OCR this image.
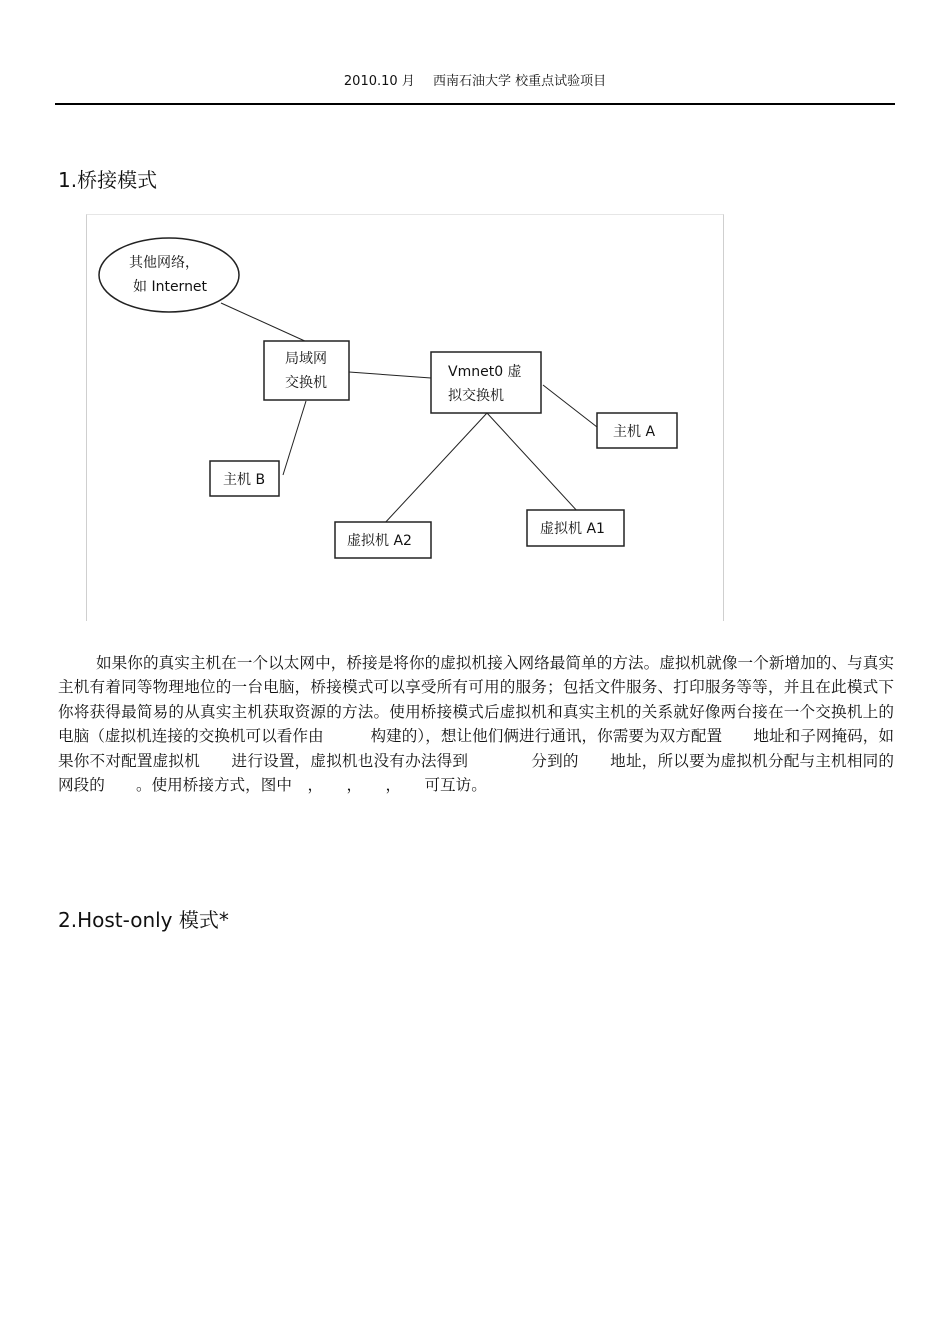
2010.10 月 西南石油大学 校重点试验项目
1.桥接模式
其他网络，
如 Internet
局域网
交换机
Vmnet0 虚
拟交换机
主机 A
主机 B
虚拟机 A2
虚拟机 A1
如果你的真实主机在一个以太网中，桥接是将你的虚拟机接入网络最简单的方法。虚拟机就像一个新增加的、与真实主机有着同等物理地位的一台电脑，桥接模式可以享受所有可用的服务；包括文件服务、打印服务等等，并且在此模式下你将获得最简易的从真实主机获取资源的方法。使用桥接模式后虚拟机和真实主机的关系就好像两台接在一个交换机上的电脑（虚拟机连接的交换机可以看作由　　　构建的），想让他们俩进行通讯，你需要为双方配置　　地址和子网掩码，如果你不对配置虚拟机　　进行设置，虚拟机也没有办法得到　　　　分到的　　地址，所以要为虚拟机分配与主机相同的网段的　　。使用桥接方式，图中　，　　，　　，　　可互访。
2.Host-only 模式*
